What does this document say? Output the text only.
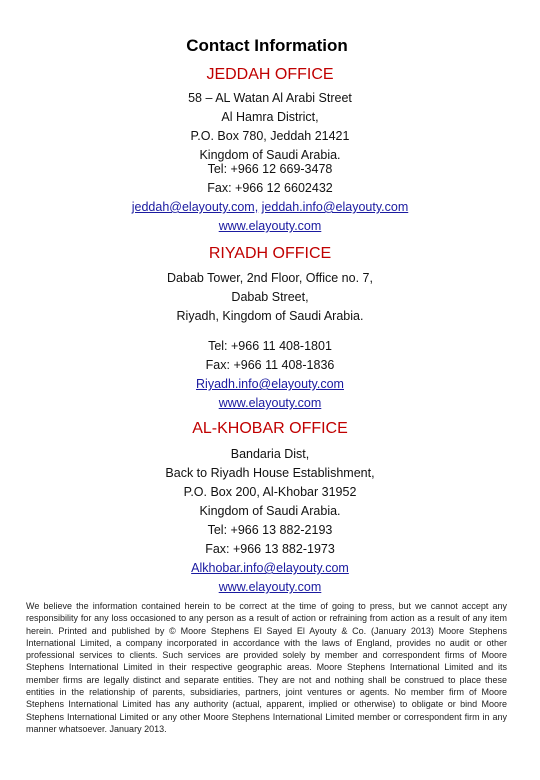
Contact Information
JEDDAH OFFICE
58 – AL Watan Al Arabi Street
Al Hamra District,
P.O. Box 780, Jeddah 21421
Kingdom of Saudi Arabia.
Tel: +966 12 669-3478
Fax: +966 12 6602432
jeddah@elayouty.com, jeddah.info@elayouty.com
www.elayouty.com
RIYADH OFFICE
Dabab Tower, 2nd Floor, Office no. 7,
Dabab Street,
Riyadh, Kingdom of Saudi Arabia.
Tel: +966 11 408-1801
Fax: +966 11 408-1836
Riyadh.info@elayouty.com
www.elayouty.com
AL-KHOBAR OFFICE
Bandaria Dist,
Back to Riyadh House Establishment,
P.O. Box 200, Al-Khobar 31952
Kingdom of Saudi Arabia.
Tel: +966 13 882-2193
Fax: +966 13 882-1973
Alkhobar.info@elayouty.com
www.elayouty.com
We believe the information contained herein to be correct at the time of going to press, but we cannot accept any responsibility for any loss occasioned to any person as a result of action or refraining from action as a result of any item herein. Printed and published by © Moore Stephens El Sayed El Ayouty & Co. (January 2013) Moore Stephens International Limited, a company incorporated in accordance with the laws of England, provides no audit or other professional services to clients. Such services are provided solely by member and correspondent firms of Moore Stephens International Limited in their respective geographic areas. Moore Stephens International Limited and its member firms are legally distinct and separate entities. They are not and nothing shall be construed to place these entities in the relationship of parents, subsidiaries, partners, joint ventures or agents. No member firm of Moore Stephens International Limited has any authority (actual, apparent, implied or otherwise) to obligate or bind Moore Stephens International Limited or any other Moore Stephens International Limited member or correspondent firm in any manner whatsoever. January 2013.
